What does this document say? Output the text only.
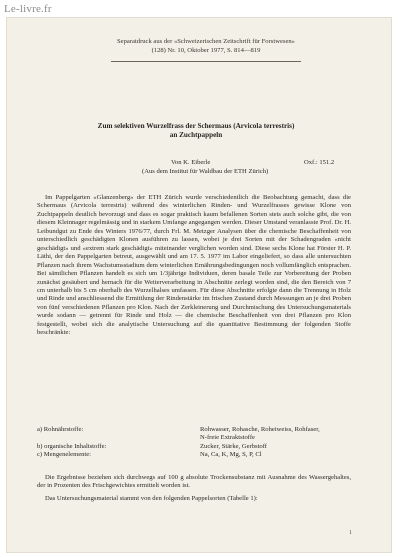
Le-livre.fr
Separatdruck aus der «Schweizerischen Zeitschrift für Forstwesen»
(128) Nr. 10, Oktober 1977, S. 814—819
Zum selektiven Wurzelfrass der Schermaus (Arvicola terrestris)
an Zuchtpappeln
Von K. Eiberle	Oxf.: 151.2
(Aus dem Institut für Waldbau der ETH Zürich)

Im Pappelgarten «Glanzenberg» der ETH Zürich wurde verschiedentlich die Beobachtung gemacht, dass die Schermaus (Arvicola terrestris) während des winterlichen Rinden- und Wurzelfrasses gewisse Klone von Zuchtpappeln deutlich bevorzugt und dass es sogar praktisch kaum befallenen Sorten stets auch solche gibt, die von diesem Kleinnager regelmässig und in starkem Umfange angegangen werden. Dieser Umstand veranlasste Prof. Dr. H. Leibundgut zu Ende des Winters 1976/77, durch Frl. M. Metzger Analysen über die chemische Beschaffenheit von unterschiedlich geschädigten Klonen ausführen zu lassen, wobei je drei Sorten mit der Schadengraden «nicht geschädigt» und «extrem stark geschädigt» miteinander verglichen worden sind. Diese sechs Klone hat Förster H. P. Läthi, der den Pappelgarten betreut, ausgewählt und am 17. 5. 1977 im Labor eingeliefert, so dass alle untersuchten Pflanzen nach ihrem Wachstumsstadium dem winterlichen Ernährungsbedingungen noch vollumfänglich entsprachen. Bei sämtlichen Pflanzen handelt es sich um 1/3jährige Individuen, deren basale Teile zur Vorbereitung der Proben zunächst gesäubert und hernach für die Weiterverarbeitung in Abschnitte zerlegt worden sind, die den Bereich von 7 cm unterhalb bis 5 cm oberhalb des Wurzelhalses umfassen. Für diese Abschnitte erfolgte dann die Trennung in Holz und Rinde und anschliessend die Ermittlung der Rindenstärke im frischen Zustand durch Messungen an je drei Proben von fünf verschiedenen Pflanzen pro Klon. Nach der Zerkleinerung und Durchmischung des Untersuchungsmaterials wurde sodann — getrennt für Rinde und Holz — die chemische Beschaffenheit von drei Pflanzen pro Klon festgestellt, wobei sich die analytische Untersuchung auf die quantitative Bestimmung der folgenden Stoffe beschränkte:

a) Rohnährstoffe:	Rohwasser, Rohasche, Roheiweiss, Rohfaser,
N-freie Extraktstoffe
b) organische Inhaltstoffe:	Zucker, Stärke, Gerbstoff
c) Mengenelemente:	Na, Ca, K, Mg, S, P, Cl

Die Ergebnisse beziehen sich durchwegs auf 100 g absolute Trockensubstanz mit Ausnahme des Wassergehaltes, der in Prozenten des Frischgewichtes ermittelt worden ist.

Das Untersuchungsmaterial stammt von den folgenden Pappelsorten (Tabelle 1):

1
